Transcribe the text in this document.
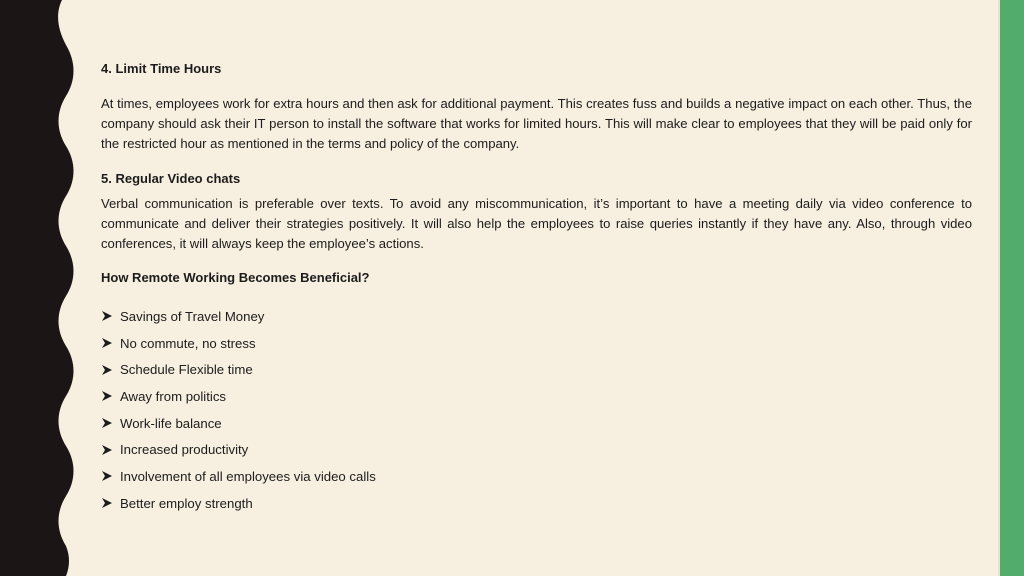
4. Limit Time Hours
At times, employees work for extra hours and then ask for additional payment. This creates fuss and builds a negative impact on each other. Thus, the company should ask their IT person to install the software that works for limited hours. This will make clear to employees that they will be paid only for the restricted hour as mentioned in the terms and policy of the company.
5. Regular Video chats
Verbal communication is preferable over texts. To avoid any miscommunication, it’s important to have a meeting daily via video conference to communicate and deliver their strategies positively. It will also help the employees to raise queries instantly if they have any. Also, through video conferences, it will always keep the employee’s actions.
How Remote Working Becomes Beneficial?
Savings of Travel Money
No commute, no stress
Schedule Flexible time
Away from politics
Work-life balance
Increased productivity
Involvement of all employees via video calls
Better employ strength
